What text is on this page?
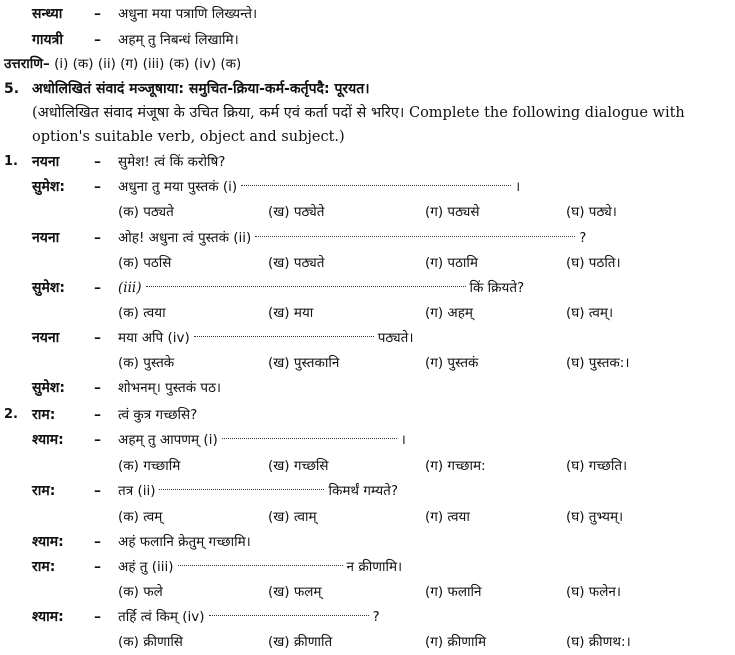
सन्ध्या – अधुना मया पत्राणि लिख्यन्ते।
गायत्री – अहम् तु निबन्धं लिखामि।
उत्तराणि– (i) (क) (ii) (ग) (iii) (क) (iv) (क)
5. अधोलिखितं संवादं मञ्जूषाया: समुचित-क्रिया-कर्म-कर्तृपदै: पूरयत।
(अधोलिखित संवाद मंजूषा के उचित क्रिया, कर्म एवं कर्ता पदों से भरिए। Complete the following dialogue with
option's suitable verb, object and subject.)
1. नयना – सुमेश! त्वं किं करोषि?
सुमेश: – अधुना तु मया पुस्तकं (i)	।
(क) पठ्यते	(ख) पठ्येते	(ग) पठ्यसे	(घ) पठ्ये।
नयना – ओह! अधुना त्वं पुस्तकं (ii)	?
(क) पठसि	(ख) पठ्यते	(ग) पठामि	(घ) पठति।
सुमेश: – (iii)	किं क्रियते?
(क) त्वया	(ख) मया	(ग) अहम्	(घ) त्वम्।
नयना – मया अपि (iv)	पठ्यते।
(क) पुस्तके	(ख) पुस्तकानि	(ग) पुस्तकं	(घ) पुस्तक:।
सुमेश: – शोभनम्। पुस्तकं पठ।
2. राम:	– त्वं कुत्र गच्छसि?
श्याम: – अहम् तु आपणम् (i)	।
(क) गच्छामि	(ख) गच्छसि	(ग) गच्छाम:	(घ) गच्छति।
राम:	– तत्र (ii)	किमर्थं गम्यते?
(क) त्वम्	(ख) त्वाम्	(ग) त्वया	(घ) तुभ्यम्।
श्याम: – अहं फलानि क्रेतुम् गच्छामि।
राम:	– अहं तु (iii)	न क्रीणामि।
(क) फले	(ख) फलम्	(ग) फलानि	(घ) फलेन।
श्याम: – तर्हि त्वं किम् (iv)	?
(क) क्रीणासि	(ख) क्रीणाति	(ग) क्रीणामि	(घ) क्रीणथ:।
